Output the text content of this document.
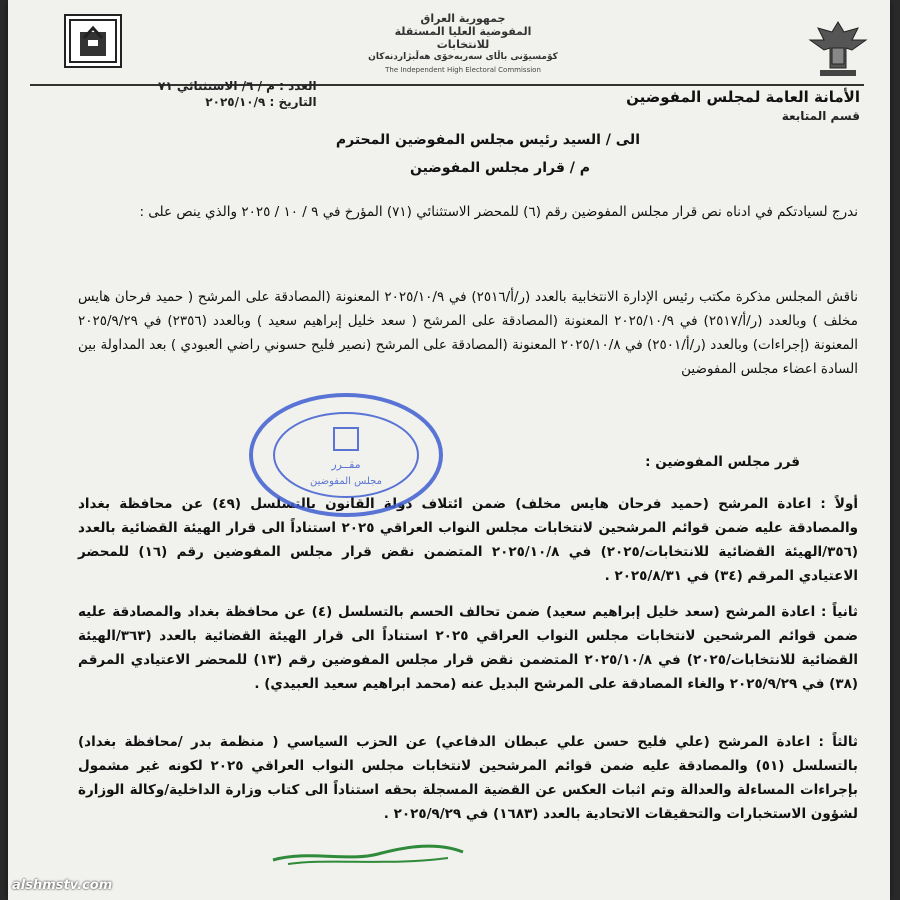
جمهورية العراق
المفوضية العليا المستقلة للانتخابات
کۆمسیۆنی باڵای سەربەخۆی هەڵبژاردنەکان
The Independent High Electoral Commission
الأمانة العامة لمجلس المفوضين
قسم المتابعة
العدد : م / ٦/ الاستثنائي ٧١
التاريخ : ٢٠٢٥/١٠/٩
الى / السيد رئيس مجلس المفوضين المحترم
م / قرار مجلس المفوضين
ندرج لسيادتكم في ادناه نص قرار مجلس المفوضين رقم (٦) للمحضر الاستثنائي (٧١) المؤرخ في ٩ / ١٠ / ٢٠٢٥ والذي ينص على :
ناقش المجلس مذكرة مكتب رئيس الإدارة الانتخابية بالعدد (ر/أ/٢٥١٦) في ٢٠٢٥/١٠/٩ المعنونة (المصادقة على المرشح ( حميد فرحان هايس مخلف ) وبالعدد (ر/أ/٢٥١٧) في ٢٠٢٥/١٠/٩ المعنونة (المصادقة على المرشح ( سعد خليل إبراهيم سعيد ) وبالعدد (٢٣٥٦) في ٢٠٢٥/٩/٢٩ المعنونة (إجراءات) وبالعدد (ر/أ/٢٥٠١) في ٢٠٢٥/١٠/٨ المعنونة (المصادقة على المرشح (نصير فليح حسوني راضي العبودي ) بعد المداولة بين السادة اعضاء مجلس المفوضين
قرر مجلس المفوضين :
أولاً : اعادة المرشح (حميد فرحان هايس مخلف) ضمن ائتلاف دولة القانون بالتسلسل (٤٩) عن محافظة بغداد والمصادقة عليه ضمن قوائم المرشحين لانتخابات مجلس النواب العراقي ٢٠٢٥ استناداً الى قرار الهيئة القضائية بالعدد (٣٥٦/الهيئة القضائية للانتخابات/٢٠٢٥) في ٢٠٢٥/١٠/٨ المتضمن نقض قرار مجلس المفوضين رقم (١٦) للمحضر الاعتيادي المرقم (٣٤) في ٢٠٢٥/٨/٣١ .
ثانياً : اعادة المرشح (سعد خليل إبراهيم سعيد) ضمن تحالف الحسم بالتسلسل (٤) عن محافظة بغداد والمصادقة عليه ضمن قوائم المرشحين لانتخابات مجلس النواب العراقي ٢٠٢٥ استناداً الى قرار الهيئة القضائية بالعدد (٣٦٣/الهيئة القضائية للانتخابات/٢٠٢٥) في ٢٠٢٥/١٠/٨ المتضمن نقض قرار مجلس المفوضين رقم (١٣) للمحضر الاعتيادي المرقم (٣٨) في ٢٠٢٥/٩/٢٩ والغاء المصادقة على المرشح البديل عنه (محمد ابراهيم سعيد العبيدي) .
ثالثاً : اعادة المرشح (علي فليح حسن علي عبطان الدفاعي) عن الحزب السياسي ( منظمة بدر /محافظة بغداد) بالتسلسل (٥١) والمصادقة عليه ضمن قوائم المرشحين لانتخابات مجلس النواب العراقي ٢٠٢٥ لكونه غير مشمول بإجراءات المساءلة والعدالة وتم اثبات العكس عن القضية المسجلة بحقه استناداً الى كتاب وزارة الداخلية/وكالة الوزارة لشؤون الاستخبارات والتحقيقات الاتحادية بالعدد (١٦٨٣) في ٢٠٢٥/٩/٢٩ .
مقــرر
مجلس المفوضين
alshmstv.com
